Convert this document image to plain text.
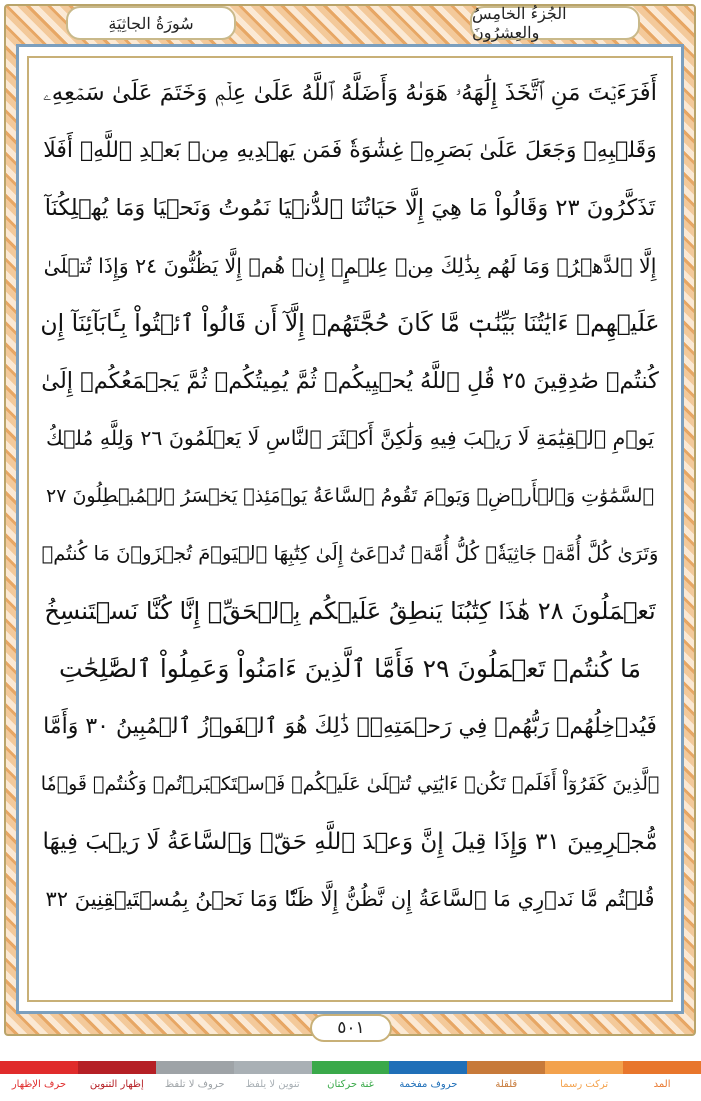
سُورَةُ الجاثِيَةِ	الجُزءُ الخامِسُ والعِشرُونَ
أَفَرَءَيۡتَ مَنِ ٱتَّخَذَ إِلَٰهَهُۥ هَوَىٰهُ وَأَضَلَّهُ ٱللَّهُ عَلَىٰ عِلۡمٖ وَخَتَمَ عَلَىٰ سَمۡعِهِۦ
وَقَلۡبِهِۦ وَجَعَلَ عَلَىٰ بَصَرِهِۦ غِشَٰوَةٗ فَمَن يَهۡدِيهِ مِنۢ بَعۡدِ ٱللَّهِۚ أَفَلَا
تَذَكَّرُونَ ٢٣ وَقَالُواْ مَا هِيَ إِلَّا حَيَاتُنَا ٱلدُّنۡيَا نَمُوتُ وَنَحۡيَا وَمَا يُهۡلِكُنَآ
إِلَّا ٱلدَّهۡرُۚ وَمَا لَهُم بِذَٰلِكَ مِنۡ عِلۡمٍۖ إِنۡ هُمۡ إِلَّا يَظُنُّونَ ٢٤ وَإِذَا تُتۡلَىٰ
عَلَيۡهِمۡ ءَايَٰتُنَا بَيِّنَٰتٖ مَّا كَانَ حُجَّتَهُمۡ إِلَّآ أَن قَالُواْ ٱئۡتُواْ بِـَٔابَآئِنَآ إِن
كُنتُمۡ صَٰدِقِينَ ٢٥ قُلِ ٱللَّهُ يُحۡيِيكُمۡ ثُمَّ يُمِيتُكُمۡ ثُمَّ يَجۡمَعُكُمۡ إِلَىٰ
يَوۡمِ ٱلۡقِيَٰمَةِ لَا رَيۡبَ فِيهِ وَلَٰكِنَّ أَكۡثَرَ ٱلنَّاسِ لَا يَعۡلَمُونَ ٢٦ وَلِلَّهِ مُلۡكُ
ٱلسَّمَٰوَٰتِ وَٱلۡأَرۡضِۚ وَيَوۡمَ تَقُومُ ٱلسَّاعَةُ يَوۡمَئِذٖ يَخۡسَرُ ٱلۡمُبۡطِلُونَ ٢٧
وَتَرَىٰ كُلَّ أُمَّةٖ جَاثِيَةٗۚ كُلُّ أُمَّةٖ تُدۡعَىٰٓ إِلَىٰ كِتَٰبِهَا ٱلۡيَوۡمَ تُجۡزَوۡنَ مَا كُنتُمۡ
تَعۡمَلُونَ ٢٨ هَٰذَا كِتَٰبُنَا يَنطِقُ عَلَيۡكُم بِٱلۡحَقِّۚ إِنَّا كُنَّا نَسۡتَنسِخُ
مَا كُنتُمۡ تَعۡمَلُونَ ٢٩ فَأَمَّا ٱلَّذِينَ ءَامَنُواْ وَعَمِلُواْ ٱلصَّٰلِحَٰتِ
فَيُدۡخِلُهُمۡ رَبُّهُمۡ فِي رَحۡمَتِهِۦۚ ذَٰلِكَ هُوَ ٱلۡفَوۡزُ ٱلۡمُبِينُ ٣٠ وَأَمَّا
ٱلَّذِينَ كَفَرُوٓاْ أَفَلَمۡ تَكُنۡ ءَايَٰتِي تُتۡلَىٰ عَلَيۡكُمۡ فَٱسۡتَكۡبَرۡتُمۡ وَكُنتُمۡ قَوۡمٗا
مُّجۡرِمِينَ ٣١ وَإِذَا قِيلَ إِنَّ وَعۡدَ ٱللَّهِ حَقّٞ وَٱلسَّاعَةُ لَا رَيۡبَ فِيهَا
قُلۡتُم مَّا نَدۡرِي مَا ٱلسَّاعَةُ إِن نَّظُنُّ إِلَّا ظَنّٗا وَمَا نَحۡنُ بِمُسۡتَيۡقِنِينَ ٣٢
٥٠١
المد
تركت رسما
قلقلة
حروف مفخمة
غنة حركتان
تنوين لا يلفظ
حروف لا تلفظ
إظهار التنوين
حرف الإظهار
